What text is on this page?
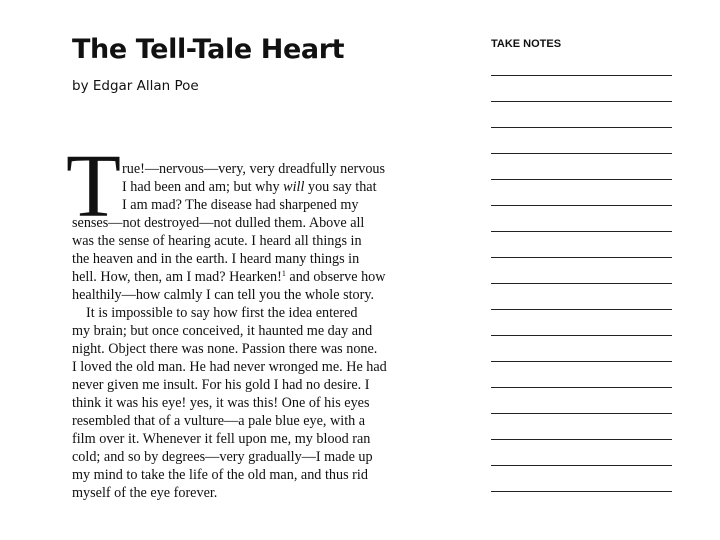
The Tell-Tale Heart
by Edgar Allan Poe
T rue!—nervous—very, very dreadfully nervous
I had been and am; but why will you say that
I am mad? The disease had sharpened my
senses—not destroyed—not dulled them. Above all
was the sense of hearing acute. I heard all things in
the heaven and in the earth. I heard many things in
hell. How, then, am I mad? Hearken!$^1$ and observe how
healthily—how calmly I can tell you the whole story.
It is impossible to say how first the idea entered
my brain; but once conceived, it haunted me day and
night. Object there was none. Passion there was none.
I loved the old man. He had never wronged me. He had
never given me insult. For his gold I had no desire. I
think it was his eye! yes, it was this! One of his eyes
resembled that of a vulture—a pale blue eye, with a
film over it. Whenever it fell upon me, my blood ran
cold; and so by degrees—very gradually—I made up
my mind to take the life of the old man, and thus rid
myself of the eye forever.
TAKE NOTES
